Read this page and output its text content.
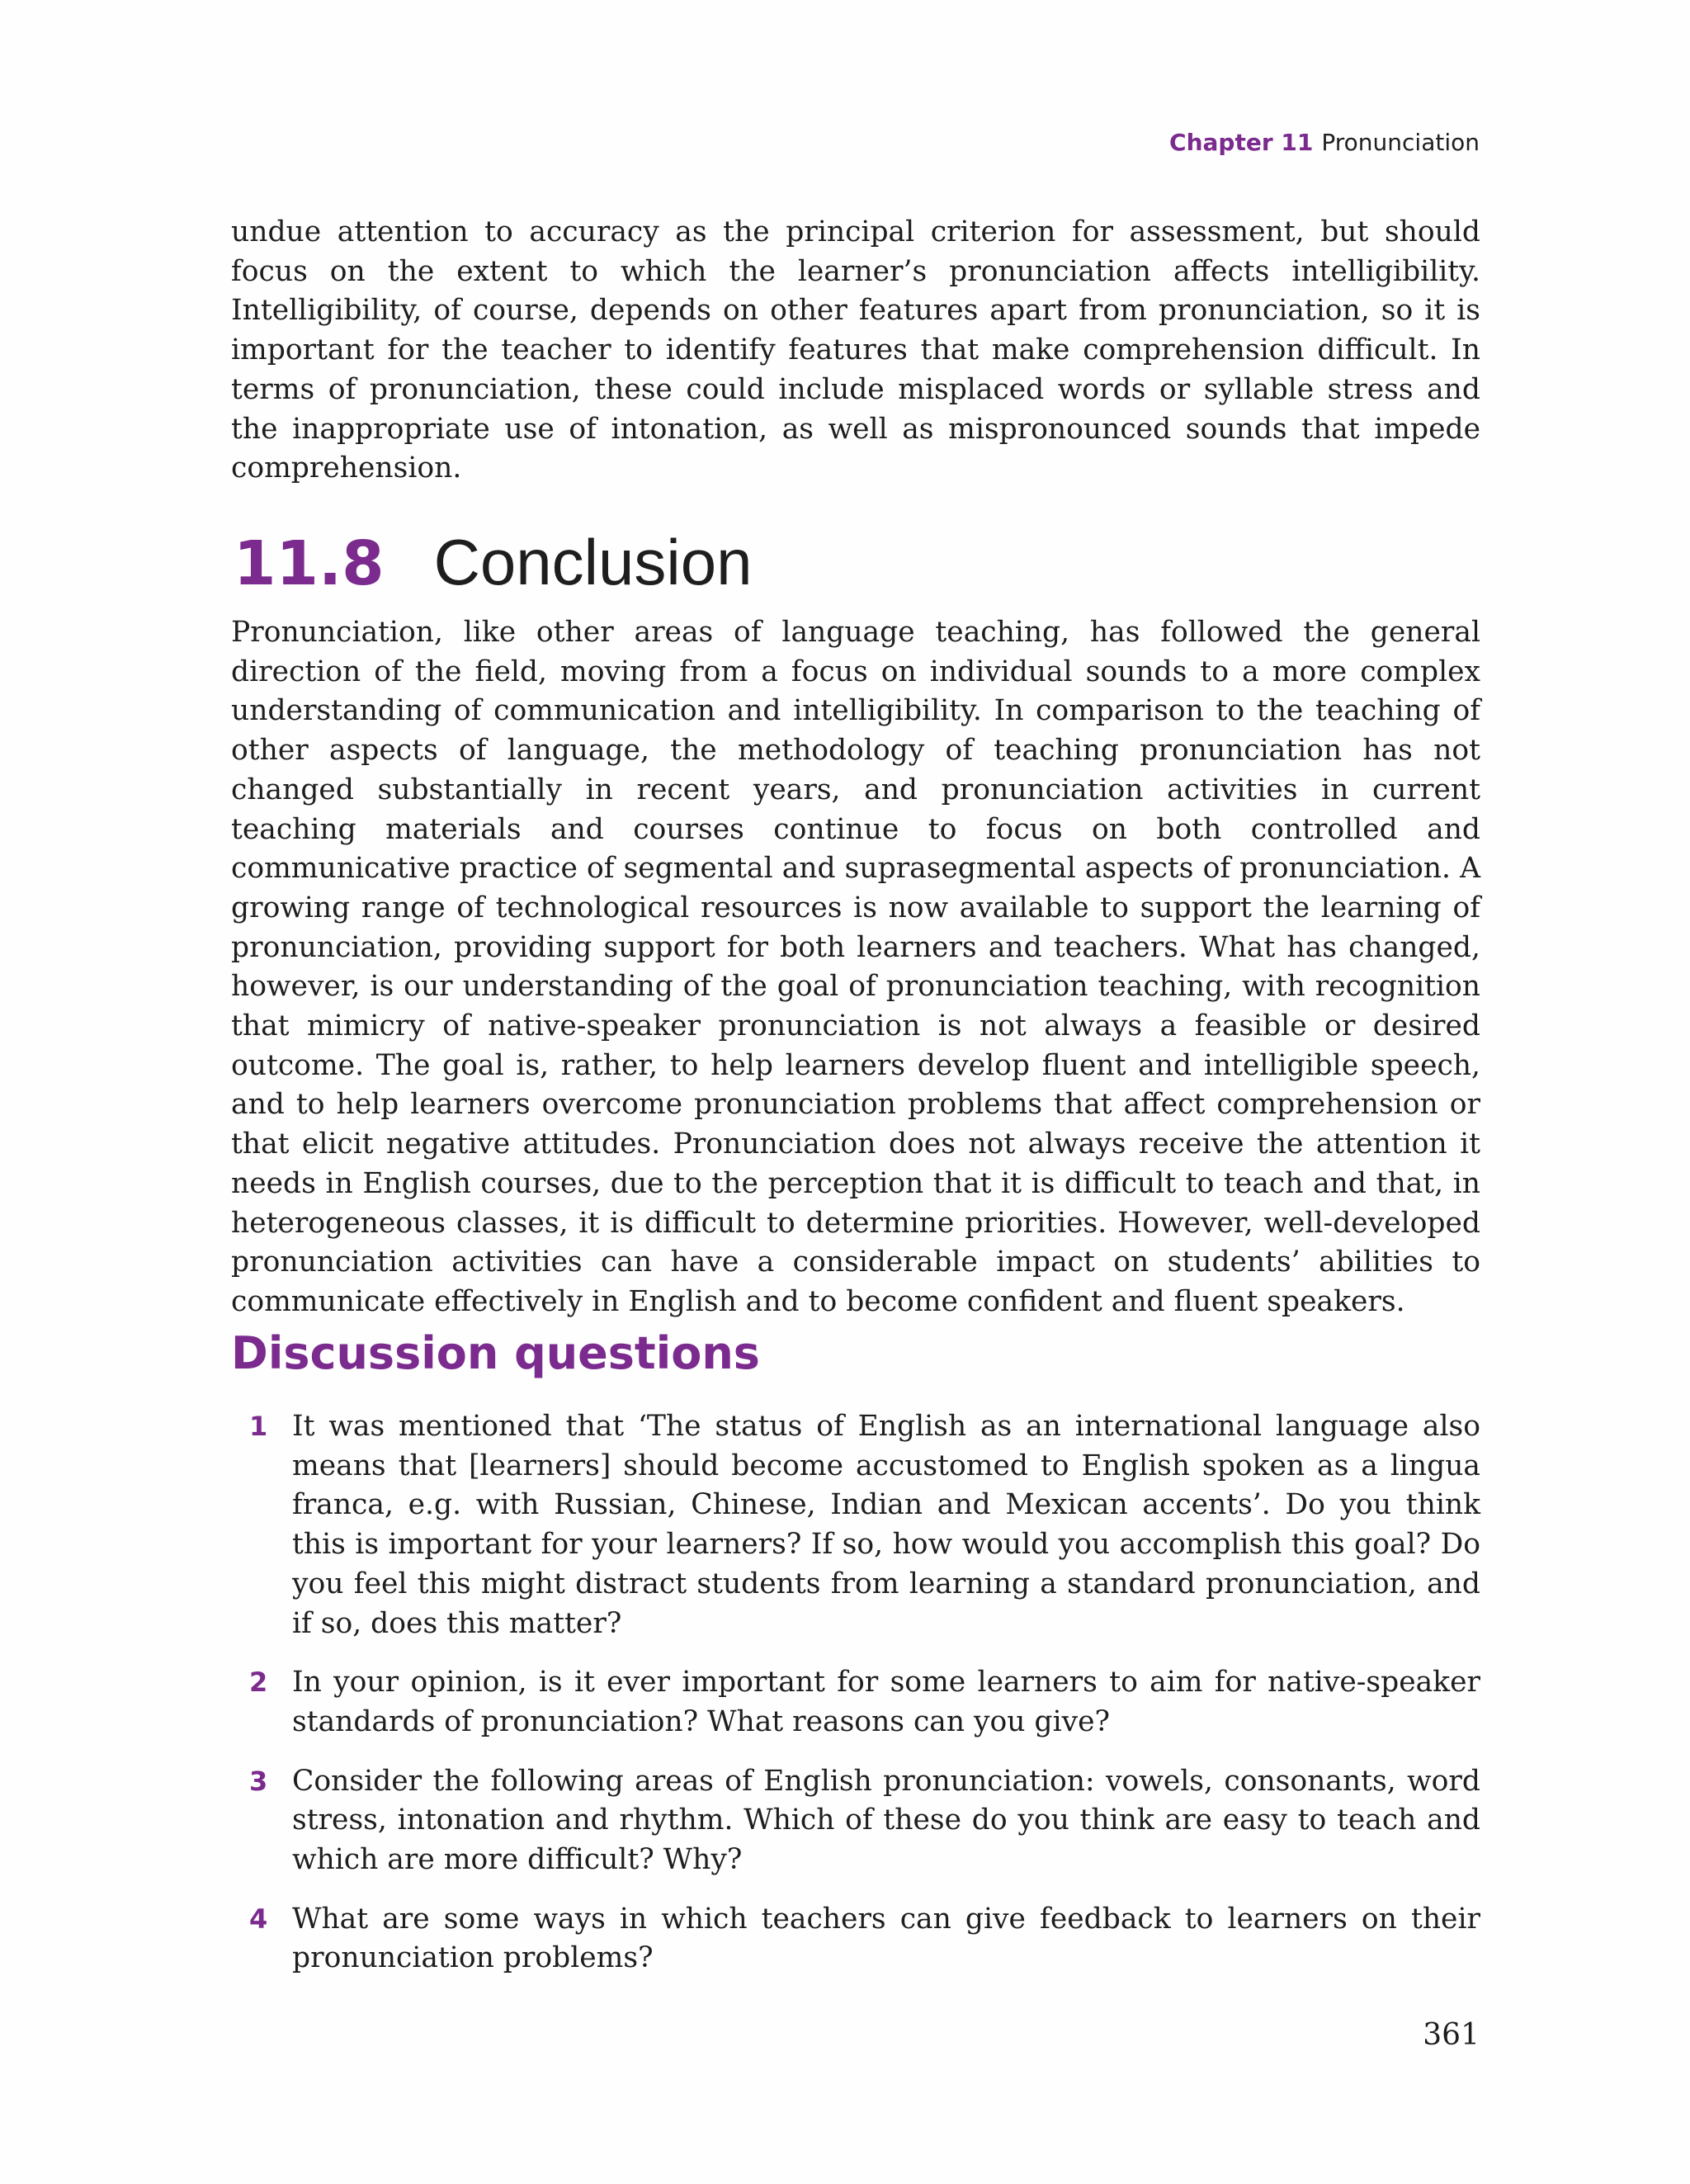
Chapter 11 Pronunciation

undue attention to accuracy as the principal criterion for assessment, but should focus on the extent to which the learner’s pronunciation affects intelligibility. Intelligibility, of course, depends on other features apart from pronunciation, so it is important for the teacher to identify features that make comprehension difficult. In terms of pronunciation, these could include misplaced words or syllable stress and the inappropriate use of intonation, as well as mispronounced sounds that impede comprehension.

11.8 Conclusion

Pronunciation, like other areas of language teaching, has followed the general direction of the field, moving from a focus on individual sounds to a more complex understanding of communication and intelligibility. In comparison to the teaching of other aspects of language, the methodology of teaching pronunciation has not changed substantially in recent years, and pronunciation activities in current teaching materials and courses continue to focus on both controlled and communicative practice of segmental and suprasegmental aspects of pronunciation. A growing range of technological resources is now available to support the learning of pronunciation, providing support for both learners and teachers. What has changed, however, is our understanding of the goal of pronunciation teaching, with recognition that mimicry of native-speaker pronunciation is not always a feasible or desired outcome. The goal is, rather, to help learners develop fluent and intelligible speech, and to help learners overcome pronunciation problems that affect comprehension or that elicit negative attitudes. Pronunciation does not always receive the attention it needs in English courses, due to the perception that it is difficult to teach and that, in heterogeneous classes, it is difficult to determine priorities. However, well-developed pronunciation activities can have a considerable impact on students’ abilities to communicate effectively in English and to become confident and fluent speakers.

Discussion questions
1 It was mentioned that ‘The status of English as an international language also means that [learners] should become accustomed to English spoken as a lingua franca, e.g. with Russian, Chinese, Indian and Mexican accents’. Do you think this is important for your learners? If so, how would you accomplish this goal? Do you feel this might distract students from learning a standard pronunciation, and if so, does this matter?

2 In your opinion, is it ever important for some learners to aim for native-speaker standards of pronunciation? What reasons can you give?

3 Consider the following areas of English pronunciation: vowels, consonants, word stress, intonation and rhythm. Which of these do you think are easy to teach and which are more difficult? Why?

4 What are some ways in which teachers can give feedback to learners on their pronunciation problems?

361
